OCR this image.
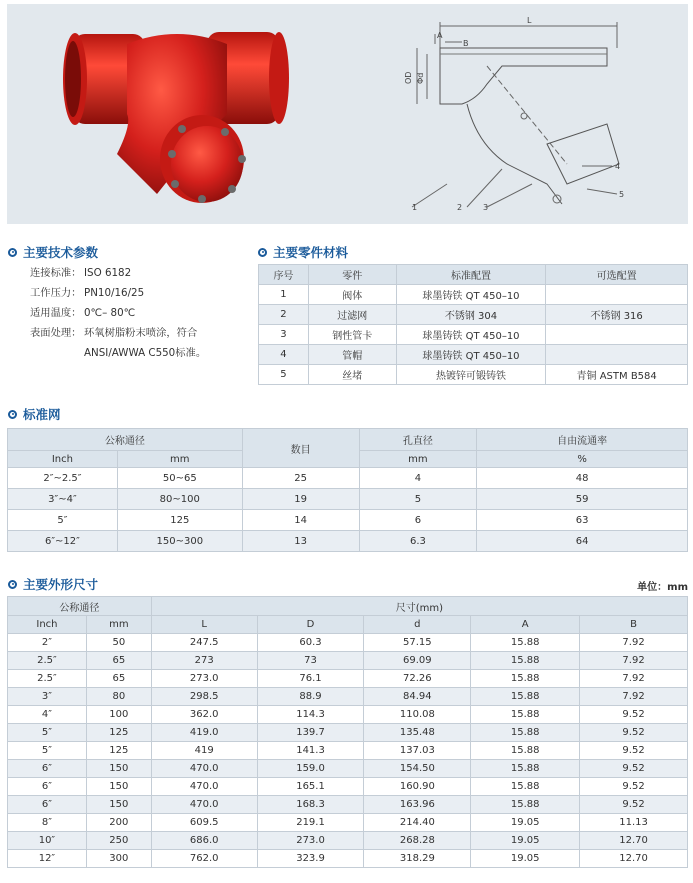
L
A
B
OD Φd
1	2	3
4
5
主要技术参数
连接标准： ISO 6182
工作压力： PN10/16/25
适用温度： 0℃– 80℃
表面处理： 环氧树脂粉末喷涂，符合
ANSI/AWWA C550标准。
主要零件材料
序号	零件	标准配置	可选配置
1	阀体	球墨铸铁 QT 450–10	
2	过滤网	不锈钢 304	不锈钢 316
3	钢性管卡	球墨铸铁 QT 450–10	
4	管帽	球墨铸铁 QT 450–10	
5	丝堵	热镀锌可锻铸铁	青铜 ASTM B584
标准网
公称通径		数目	孔直径	自由流通率
Inch	mm		mm	%
2″~2.5″	50~65	25	4	48
3″~4″	80~100	19	5	59
5″	125	14	6	63
6″~12″	150~300	13	6.3	64
主要外形尺寸	单位：mm
公称通径		尺寸(mm)				
Inch	mm	L	D	d	A	B
2″	50	247.5	60.3	57.15	15.88	7.92
2.5″	65	273	73	69.09	15.88	7.92
2.5″	65	273.0	76.1	72.26	15.88	7.92
3″	80	298.5	88.9	84.94	15.88	7.92
4″	100	362.0	114.3	110.08	15.88	9.52
5″	125	419.0	139.7	135.48	15.88	9.52
5″	125	419	141.3	137.03	15.88	9.52
6″	150	470.0	159.0	154.50	15.88	9.52
6″	150	470.0	165.1	160.90	15.88	9.52
6″	150	470.0	168.3	163.96	15.88	9.52
8″	200	609.5	219.1	214.40	19.05	11.13
10″	250	686.0	273.0	268.28	19.05	12.70
12″	300	762.0	323.9	318.29	19.05	12.70
